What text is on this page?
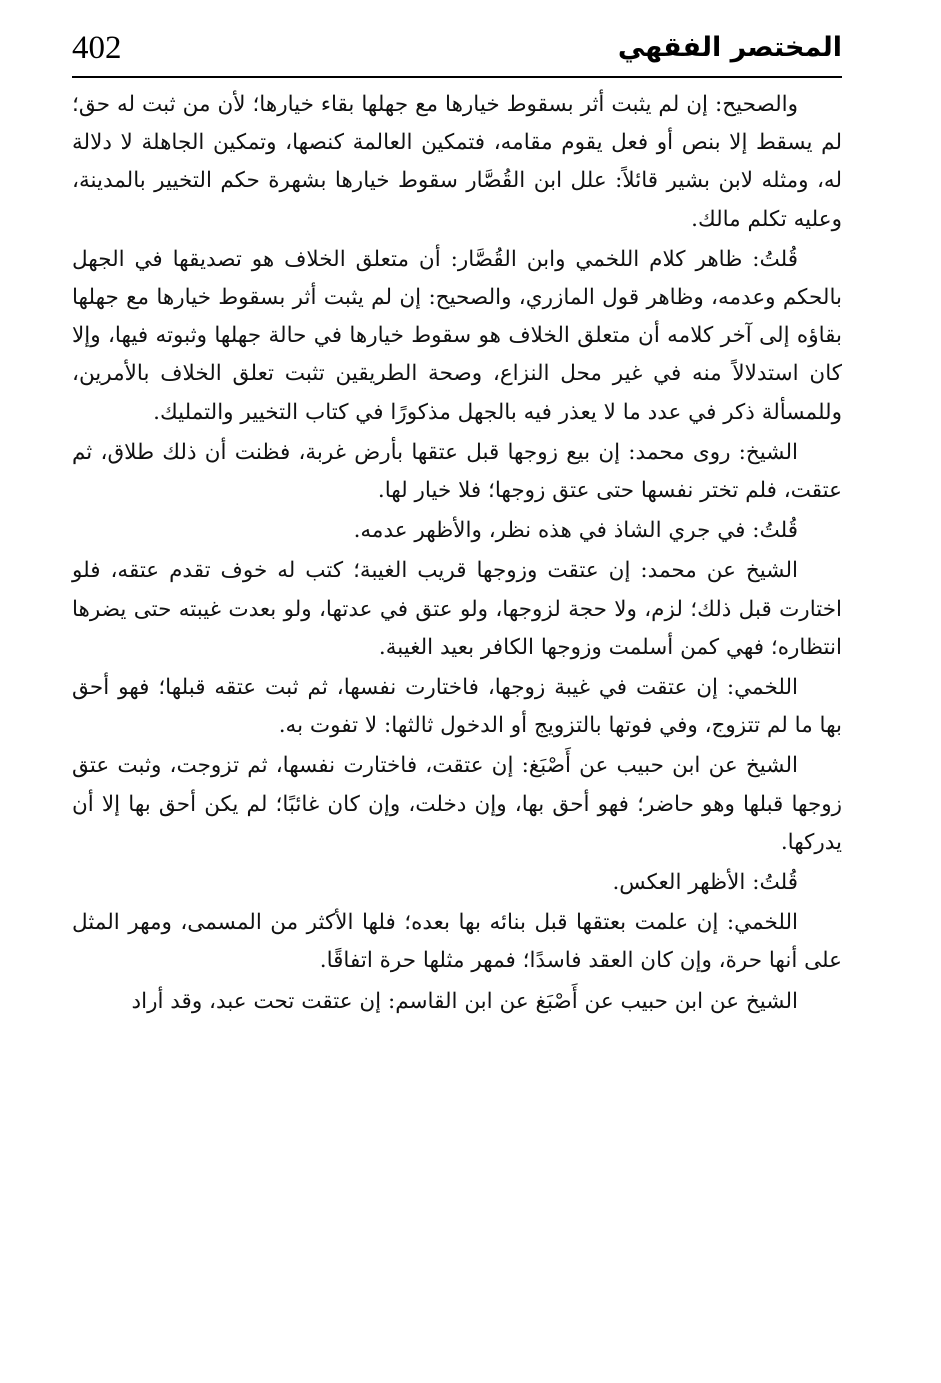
المختصر الفقهي
402

والصحيح: إن لم يثبت أثر بسقوط خيارها مع جهلها بقاء خيارها؛ لأن من ثبت له حق؛ لم يسقط إلا بنص أو فعل يقوم مقامه، فتمكين العالمة كنصها، وتمكين الجاهلة لا دلالة له، ومثله لابن بشير قائلاً: علل ابن القُصَّار سقوط خيارها بشهرة حكم التخيير بالمدينة، وعليه تكلم مالك.

قُلتُ: ظاهر كلام اللخمي وابن القُصَّار: أن متعلق الخلاف هو تصديقها في الجهل بالحكم وعدمه، وظاهر قول المازري، والصحيح: إن لم يثبت أثر بسقوط خيارها مع جهلها بقاؤه إلى آخر كلامه أن متعلق الخلاف هو سقوط خيارها في حالة جهلها وثبوته فيها، وإلا كان استدلالاً منه في غير محل النزاع، وصحة الطريقين تثبت تعلق الخلاف بالأمرين، وللمسألة ذكر في عدد ما لا يعذر فيه بالجهل مذكورًا في كتاب التخيير والتمليك.

الشيخ: روى محمد: إن بيع زوجها قبل عتقها بأرض غربة، فظنت أن ذلك طلاق، ثم عتقت، فلم تختر نفسها حتى عتق زوجها؛ فلا خيار لها.

قُلتُ: في جري الشاذ في هذه نظر، والأظهر عدمه.

الشيخ عن محمد: إن عتقت وزوجها قريب الغيبة؛ كتب له خوف تقدم عتقه، فلو اختارت قبل ذلك؛ لزم، ولا حجة لزوجها، ولو عتق في عدتها، ولو بعدت غيبته حتى يضرها انتظاره؛ فهي كمن أسلمت وزوجها الكافر بعيد الغيبة.

اللخمي: إن عتقت في غيبة زوجها، فاختارت نفسها، ثم ثبت عتقه قبلها؛ فهو أحق بها ما لم تتزوج، وفي فوتها بالتزويج أو الدخول ثالثها: لا تفوت به.

الشيخ عن ابن حبيب عن أَصْبَغ: إن عتقت، فاختارت نفسها، ثم تزوجت، وثبت عتق زوجها قبلها وهو حاضر؛ فهو أحق بها، وإن دخلت، وإن كان غائبًا؛ لم يكن أحق بها إلا أن يدركها.

قُلتُ: الأظهر العكس.

اللخمي: إن علمت بعتقها قبل بنائه بها بعده؛ فلها الأكثر من المسمى، ومهر المثل على أنها حرة، وإن كان العقد فاسدًا؛ فمهر مثلها حرة اتفاقًا.

الشيخ عن ابن حبيب عن أَصْبَغ عن ابن القاسم: إن عتقت تحت عبد، وقد أراد
